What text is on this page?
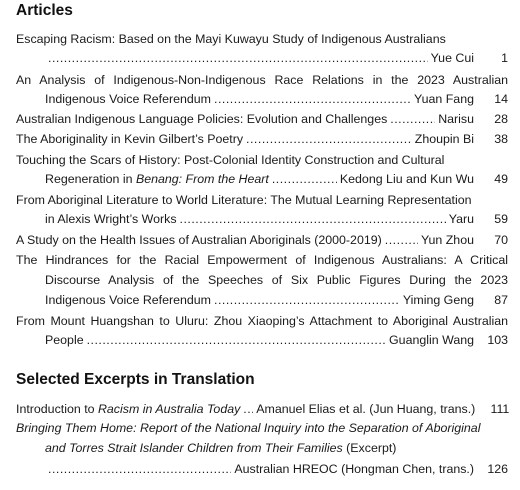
Articles
Escaping Racism: Based on the Mayi Kuwayu Study of Indigenous Australians
.....
Yue Cui	1
An Analysis of Indigenous-Non-Indigenous Race Relations in the 2023 Australian
Indigenous Voice Referendum .....	Yuan Fang	14
Australian Indigenous Language Policies: Evolution and Challenges .....	Narisu	28
The Aboriginality in Kevin Gilbert’s Poetry .....	Zhoupin Bi	38
Touching the Scars of History: Post-Colonial Identity Construction and Cultural
Regeneration in Benang: From the Heart .....	Kedong Liu and Kun Wu	49
From Aboriginal Literature to World Literature: The Mutual Learning Representation
in Alexis Wright’s Works .....	Yaru	59
A Study on the Health Issues of Australian Aboriginals (2000-2019) .....	Yun Zhou	70
The Hindrances for the Racial Empowerment of Indigenous Australians: A Critical
Discourse Analysis of the Speeches of Six Public Figures During the 2023
Indigenous Voice Referendum .....	Yiming Geng	87
From Mount Huangshan to Uluru: Zhou Xiaoping’s Attachment to Aboriginal Australian
People .....	Guanglin Wang	103
Selected Excerpts in Translation
Introduction to Racism in Australia Today ..... Amanuel Elias et al. (Jun Huang, trans.)	111
Bringing Them Home: Report of the National Inquiry into the Separation of Aboriginal
and Torres Strait Islander Children from Their Families (Excerpt)
.....
Australian HREOC (Hongman Chen, trans.)	126
